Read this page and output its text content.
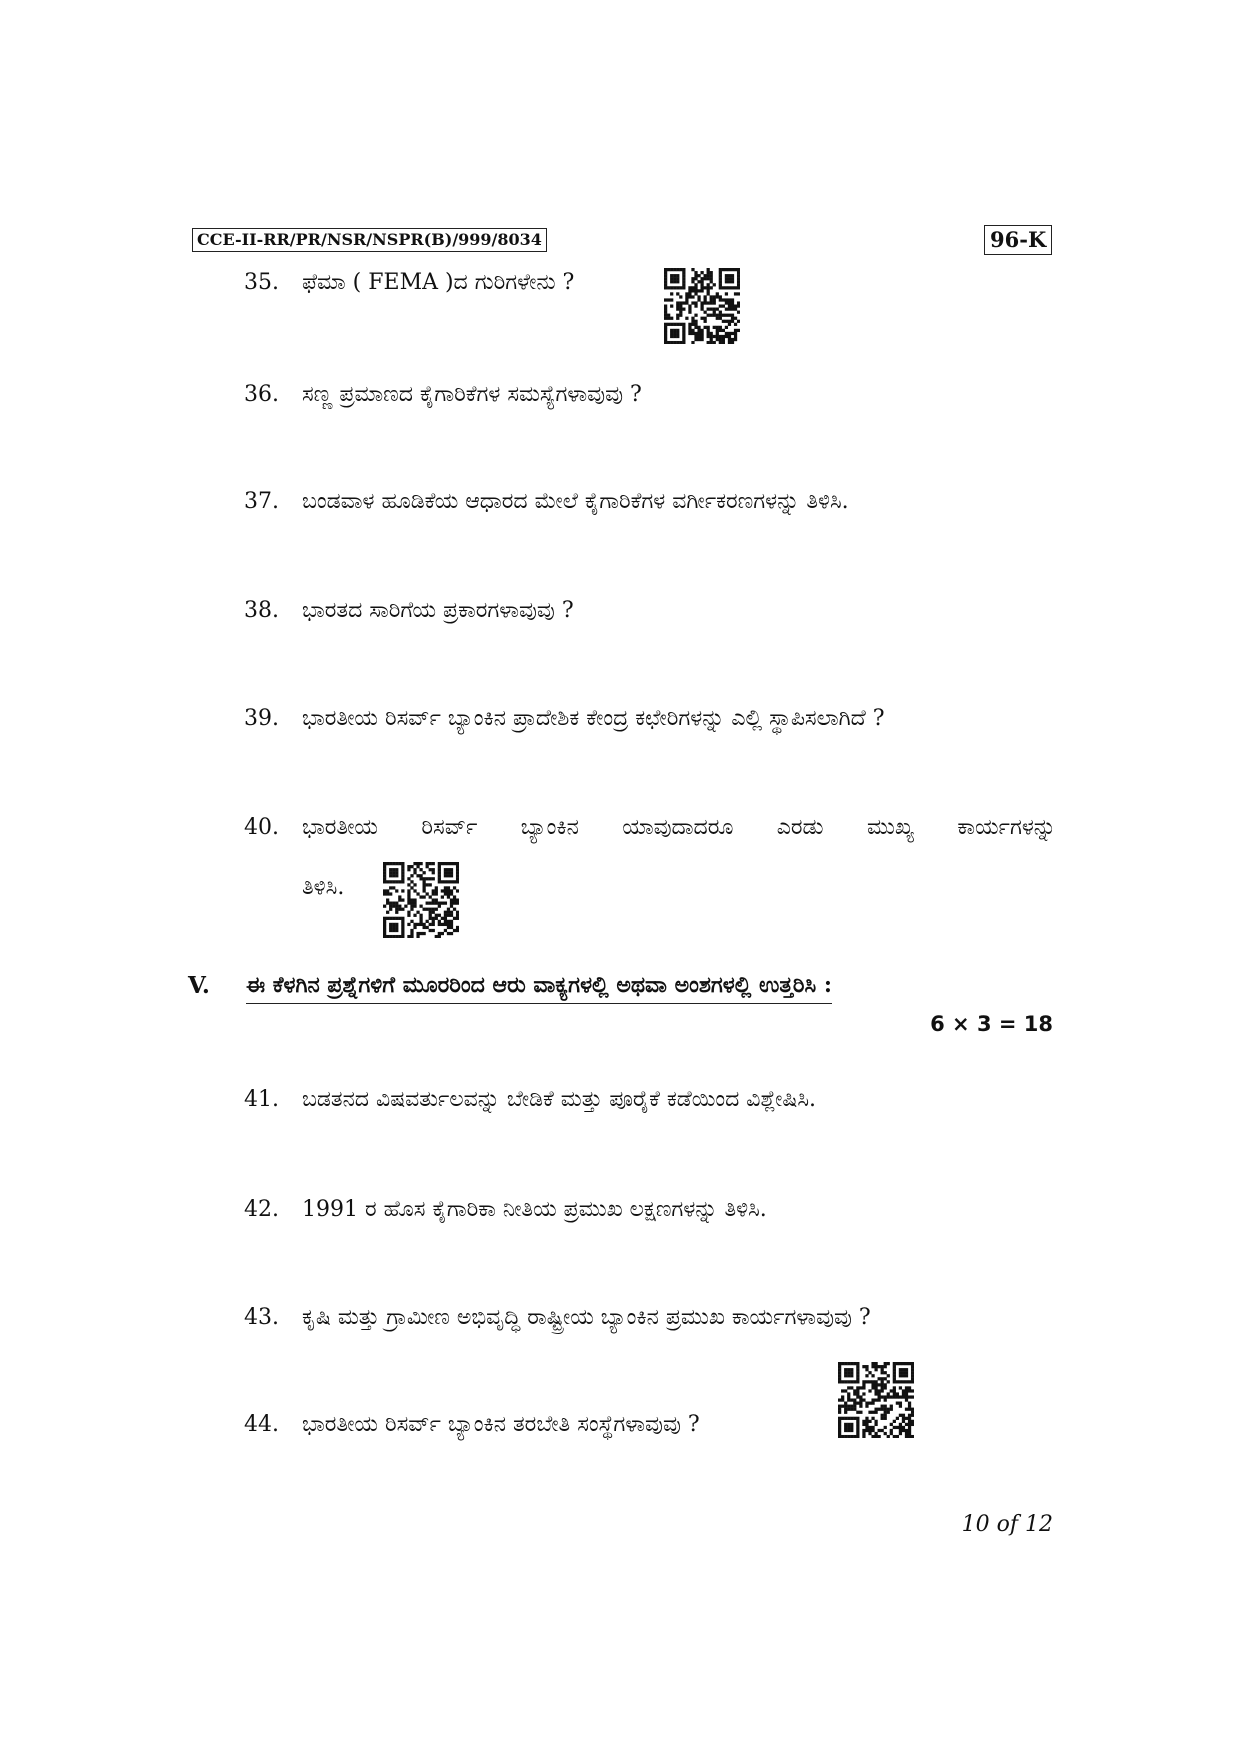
CCE-II-RR/PR/NSR/NSPR(B)/999/8034	96-K
35. ಫೆಮಾ ( FEMA )ದ ಗುರಿಗಳೇನು ?
36. ಸಣ್ಣ ಪ್ರಮಾಣದ ಕೈಗಾರಿಕೆಗಳ ಸಮಸ್ಯೆಗಳಾವುವು ?
37. ಬಂಡವಾಳ ಹೂಡಿಕೆಯ ಆಧಾರದ ಮೇಲೆ ಕೈಗಾರಿಕೆಗಳ ವರ್ಗೀಕರಣಗಳನ್ನು ತಿಳಿಸಿ.
38. ಭಾರತದ ಸಾರಿಗೆಯ ಪ್ರಕಾರಗಳಾವುವು ?
39. ಭಾರತೀಯ ರಿಸರ್ವ್ ಬ್ಯಾಂಕಿನ ಪ್ರಾದೇಶಿಕ ಕೇಂದ್ರ ಕಛೇರಿಗಳನ್ನು ಎಲ್ಲಿ ಸ್ಥಾಪಿಸಲಾಗಿದೆ ?
40. ಭಾರತೀಯ ರಿಸರ್ವ್ ಬ್ಯಾಂಕಿನ ಯಾವುದಾದರೂ ಎರಡು ಮುಖ್ಯ ಕಾರ್ಯಗಳನ್ನು
ತಿಳಿಸಿ.
V. ಈ ಕೆಳಗಿನ ಪ್ರಶ್ನೆಗಳಿಗೆ ಮೂರರಿಂದ ಆರು ವಾಕ್ಯಗಳಲ್ಲಿ ಅಥವಾ ಅಂಶಗಳಲ್ಲಿ ಉತ್ತರಿಸಿ :
6 × 3 = 18
41. ಬಡತನದ ವಿಷವರ್ತುಲವನ್ನು ಬೇಡಿಕೆ ಮತ್ತು ಪೂರೈಕೆ ಕಡೆಯಿಂದ ವಿಶ್ಲೇಷಿಸಿ.
42. 1991 ರ ಹೊಸ ಕೈಗಾರಿಕಾ ನೀತಿಯ ಪ್ರಮುಖ ಲಕ್ಷಣಗಳನ್ನು ತಿಳಿಸಿ.
43. ಕೃಷಿ ಮತ್ತು ಗ್ರಾಮೀಣ ಅಭಿವೃದ್ಧಿ ರಾಷ್ಟ್ರೀಯ ಬ್ಯಾಂಕಿನ ಪ್ರಮುಖ ಕಾರ್ಯಗಳಾವುವು ?
44. ಭಾರತೀಯ ರಿಸರ್ವ್ ಬ್ಯಾಂಕಿನ ತರಬೇತಿ ಸಂಸ್ಥೆಗಳಾವುವು ?
10 of 12
